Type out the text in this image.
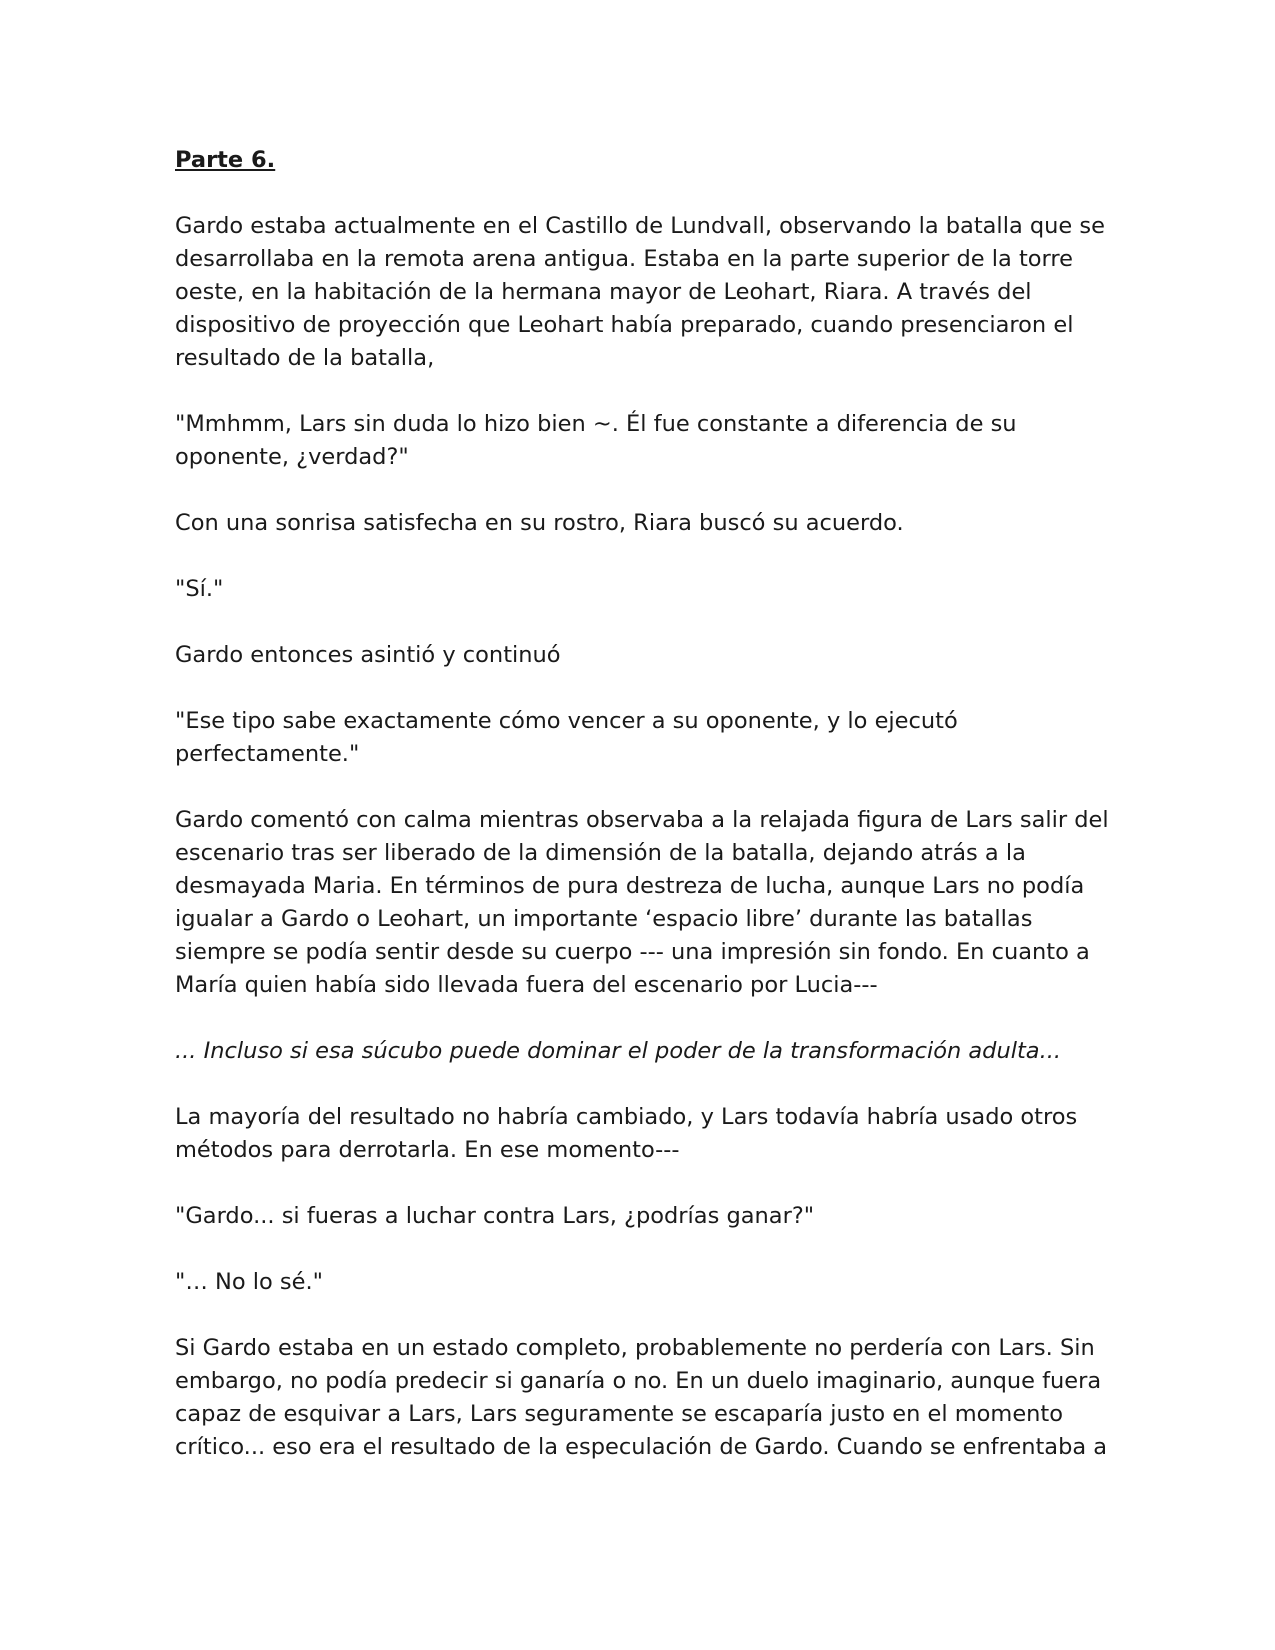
Parte 6.
Gardo estaba actualmente en el Castillo de Lundvall, observando la batalla que se
desarrollaba en la remota arena antigua. Estaba en la parte superior de la torre
oeste, en la habitación de la hermana mayor de Leohart, Riara. A través del
dispositivo de proyección que Leohart había preparado, cuando presenciaron el
resultado de la batalla,
"Mmhmm, Lars sin duda lo hizo bien ~. Él fue constante a diferencia de su
oponente, ¿verdad?"
Con una sonrisa satisfecha en su rostro, Riara buscó su acuerdo.
"Sí."
Gardo entonces asintió y continuó
"Ese tipo sabe exactamente cómo vencer a su oponente, y lo ejecutó
perfectamente."
Gardo comentó con calma mientras observaba a la relajada figura de Lars salir del
escenario tras ser liberado de la dimensión de la batalla, dejando atrás a la
desmayada Maria. En términos de pura destreza de lucha, aunque Lars no podía
igualar a Gardo o Leohart, un importante ‘espacio libre’ durante las batallas
siempre se podía sentir desde su cuerpo --- una impresión sin fondo. En cuanto a
María quien había sido llevada fuera del escenario por Lucia---
... Incluso si esa súcubo puede dominar el poder de la transformación adulta...
La mayoría del resultado no habría cambiado, y Lars todavía habría usado otros
métodos para derrotarla. En ese momento---
"Gardo... si fueras a luchar contra Lars, ¿podrías ganar?"
"… No lo sé."
Si Gardo estaba en un estado completo, probablemente no perdería con Lars. Sin
embargo, no podía predecir si ganaría o no. En un duelo imaginario, aunque fuera
capaz de esquivar a Lars, Lars seguramente se escaparía justo en el momento
crítico... eso era el resultado de la especulación de Gardo. Cuando se enfrentaba a
